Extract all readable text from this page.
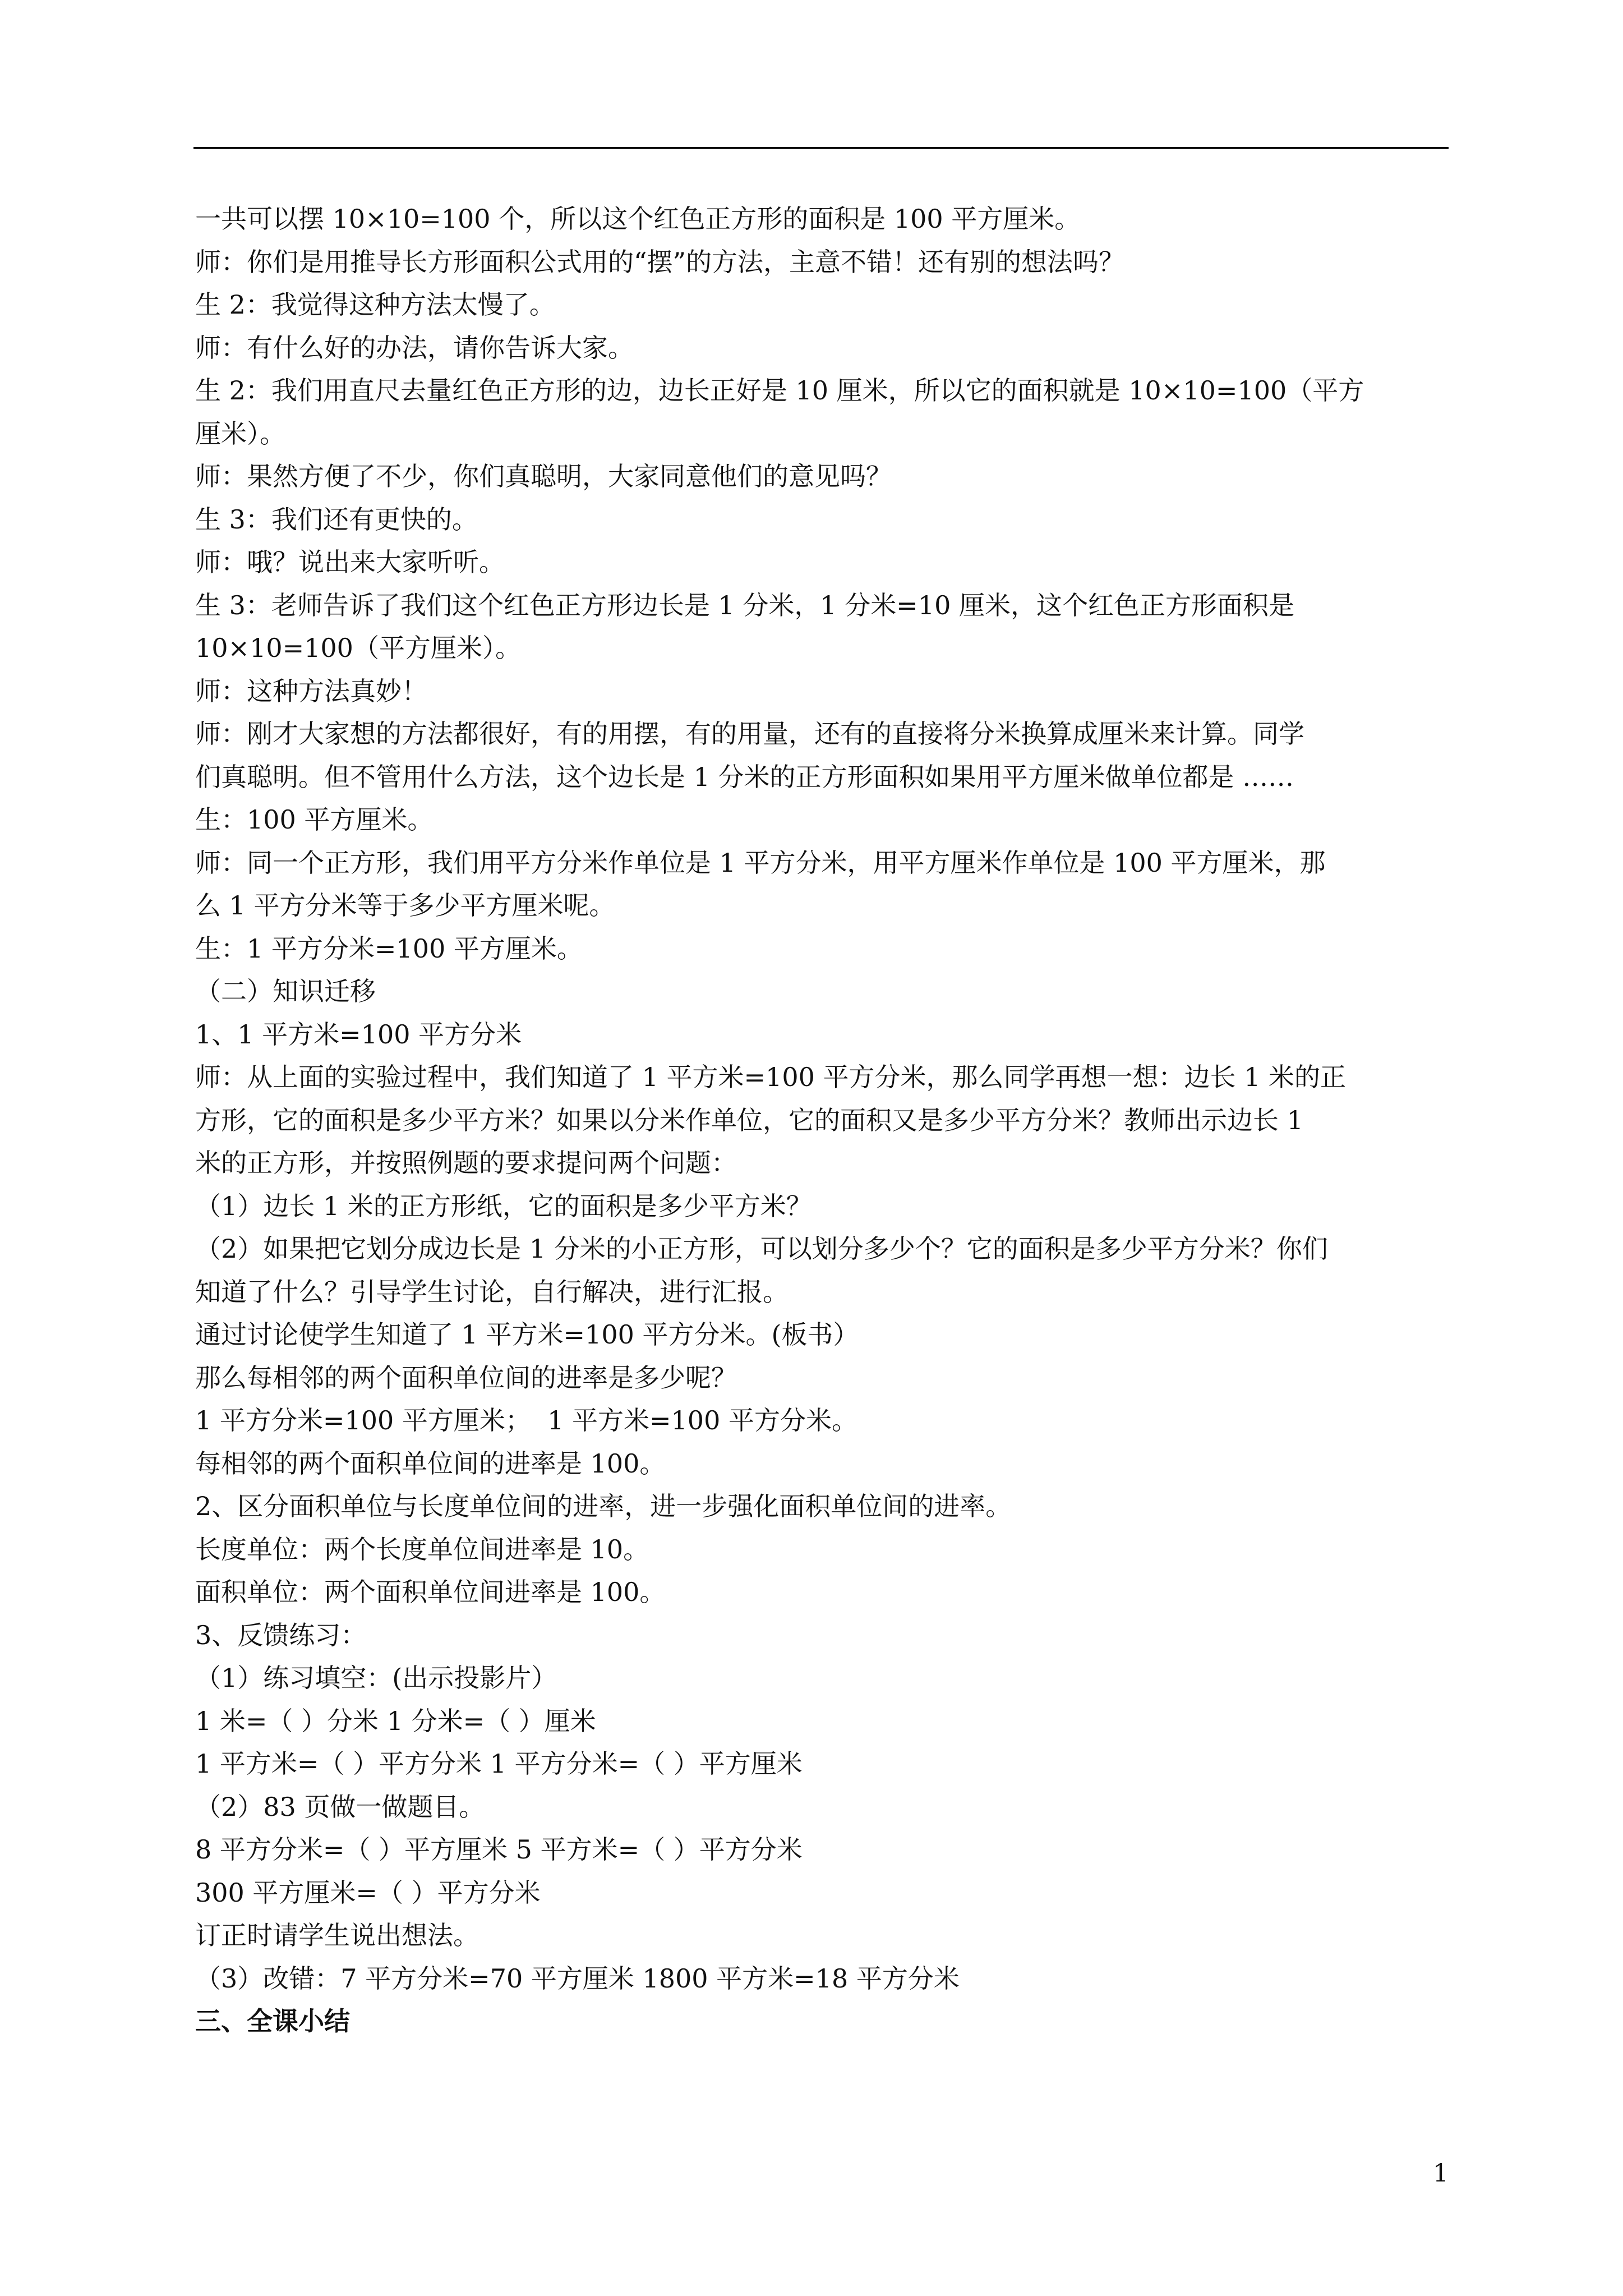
一共可以摆 10×10=100 个，所以这个红色正方形的面积是 100 平方厘米。
师：你们是用推导长方形面积公式用的“摆”的方法，主意不错！还有别的想法吗？
生 2：我觉得这种方法太慢了。
师：有什么好的办法，请你告诉大家。
生 2：我们用直尺去量红色正方形的边，边长正好是 10 厘米，所以它的面积就是 10×10=100（平方
厘米）。
师：果然方便了不少，你们真聪明，大家同意他们的意见吗？
生 3：我们还有更快的。
师：哦？说出来大家听听。
生 3：老师告诉了我们这个红色正方形边长是 1 分米，1 分米=10 厘米，这个红色正方形面积是
10×10=100（平方厘米）。
师：这种方法真妙！
师：刚才大家想的方法都很好，有的用摆，有的用量，还有的直接将分米换算成厘米来计算。同学
们真聪明。但不管用什么方法，这个边长是 1 分米的正方形面积如果用平方厘米做单位都是 ……
生：100 平方厘米。
师：同一个正方形，我们用平方分米作单位是 1 平方分米，用平方厘米作单位是 100 平方厘米，那
么 1 平方分米等于多少平方厘米呢。
生：1 平方分米=100 平方厘米。
（二）知识迁移
1、1 平方米=100 平方分米
师：从上面的实验过程中，我们知道了 1 平方米=100 平方分米，那么同学再想一想：边长 1 米的正
方形，它的面积是多少平方米？如果以分米作单位，它的面积又是多少平方分米？教师出示边长 1
米的正方形，并按照例题的要求提问两个问题：
（1）边长 1 米的正方形纸，它的面积是多少平方米？
（2）如果把它划分成边长是 1 分米的小正方形，可以划分多少个？它的面积是多少平方分米？你们
知道了什么？引导学生讨论，自行解决，进行汇报。
通过讨论使学生知道了 1 平方米=100 平方分米。(板书）
那么每相邻的两个面积单位间的进率是多少呢？
1 平方分米=100 平方厘米；  1 平方米=100 平方分米。
每相邻的两个面积单位间的进率是 100。
2、区分面积单位与长度单位间的进率，进一步强化面积单位间的进率。
长度单位：两个长度单位间进率是 10。
面积单位：两个面积单位间进率是 100。
3、反馈练习：
（1）练习填空：(出示投影片）
1 米=（ ）分米 1 分米=（ ）厘米
1 平方米=（ ）平方分米 1 平方分米=（ ）平方厘米
（2）83 页做一做题目。
8 平方分米=（ ）平方厘米 5 平方米=（ ）平方分米
300 平方厘米=（ ）平方分米
订正时请学生说出想法。
（3）改错：7 平方分米=70 平方厘米 1800 平方米=18 平方分米
三、全课小结
1
